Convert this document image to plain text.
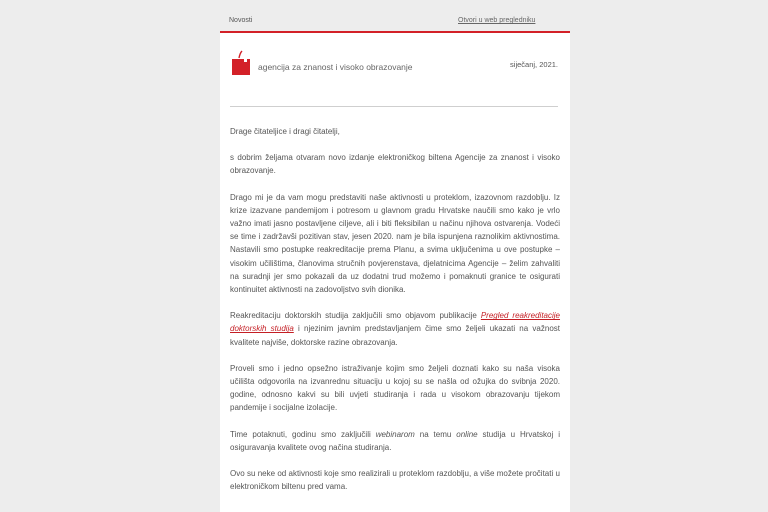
Novosti	Otvori u web pregledniku
agencija za znanost i visoko obrazovanje	siječanj, 2021.

Drage čitateljice i dragi čitatelji,

s dobrim željama otvaram novo izdanje elektroničkog biltena Agencije za znanost i visoko obrazovanje.

Drago mi je da vam mogu predstaviti naše aktivnosti u proteklom, izazovnom razdoblju. Iz krize izazvane pandemijom i potresom u glavnom gradu Hrvatske naučili smo kako je vrlo važno imati jasno postavljene ciljeve, ali i biti fleksibilan u načinu njihova ostvarenja. Vodeći se time i zadržavši pozitivan stav, jesen 2020. nam je bila ispunjena raznolikim aktivnostima. Nastavili smo postupke reakreditacije prema Planu, a svima uključenima u ove postupke – visokim učilištima, članovima stručnih povjerenstava, djelatnicima Agencije – želim zahvaliti na suradnji jer smo pokazali da uz dodatni trud možemo i pomaknuti granice te osigurati kontinuitet aktivnosti na zadovoljstvo svih dionika.

Reakreditaciju doktorskih studija zaključili smo objavom publikacije Pregled reakreditacije doktorskih studija i njezinim javnim predstavljanjem čime smo željeli ukazati na važnost kvalitete najviše, doktorske razine obrazovanja.

Proveli smo i jedno opsežno istraživanje kojim smo željeli doznati kako su naša visoka učilišta odgovorila na izvanrednu situaciju u kojoj su se našla od ožujka do svibnja 2020. godine, odnosno kakvi su bili uvjeti studiranja i rada u visokom obrazovanju tijekom pandemije i socijalne izolacije.

Time potaknuti, godinu smo zaključili webinarom na temu online studija u Hrvatskoj i osiguravanja kvalitete ovog načina studiranja.

Ovo su neke od aktivnosti koje smo realizirali u proteklom razdoblju, a više možete pročitati u elektroničkom biltenu pred vama.
